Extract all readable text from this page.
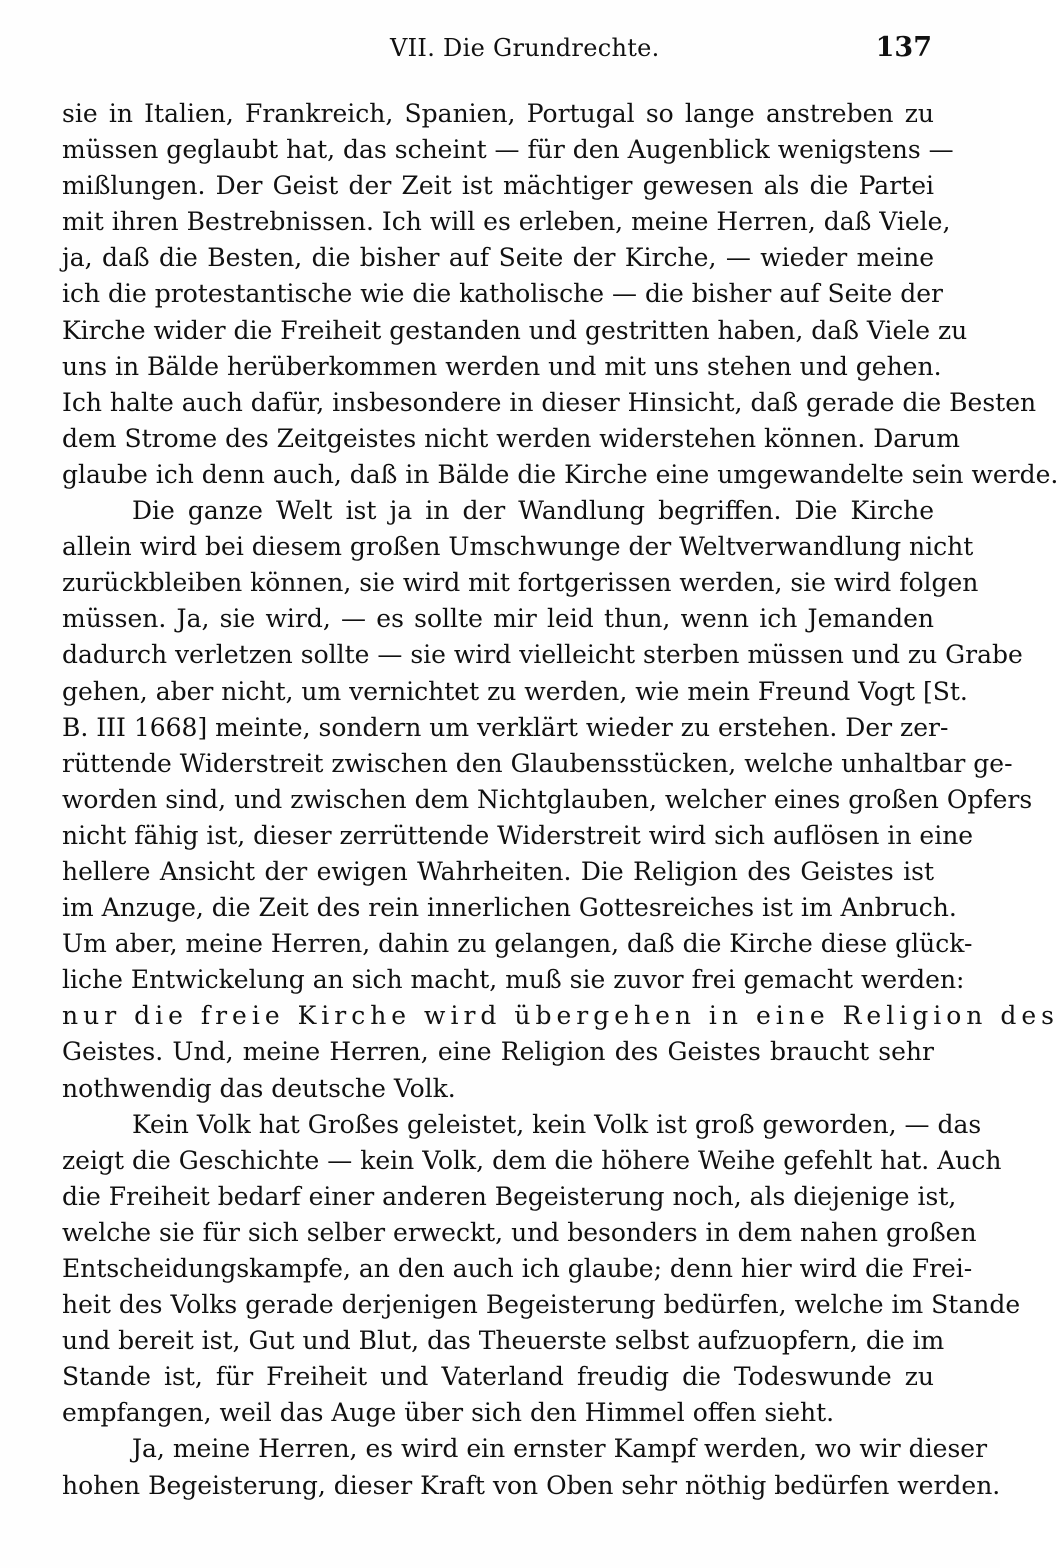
VII. Die Grundrechte.	137
sie in Italien, Frankreich, Spanien, Portugal so lange anstreben zu
müssen geglaubt hat, das scheint — für den Augenblick wenigstens —
mißlungen. Der Geist der Zeit ist mächtiger gewesen als die Partei
mit ihren Bestrebnissen. Ich will es erleben, meine Herren, daß Viele,
ja, daß die Besten, die bisher auf Seite der Kirche, — wieder meine
ich die protestantische wie die katholische — die bisher auf Seite der
Kirche wider die Freiheit gestanden und gestritten haben, daß Viele zu
uns in Bälde herüberkommen werden und mit uns stehen und gehen.
Ich halte auch dafür, insbesondere in dieser Hinsicht, daß gerade die Besten
dem Strome des Zeitgeistes nicht werden widerstehen können. Darum
glaube ich denn auch, daß in Bälde die Kirche eine umgewandelte sein werde.
Die ganze Welt ist ja in der Wandlung begriffen. Die Kirche
allein wird bei diesem großen Umschwunge der Weltverwandlung nicht
zurückbleiben können, sie wird mit fortgerissen werden, sie wird folgen
müssen. Ja, sie wird, — es sollte mir leid thun, wenn ich Jemanden
dadurch verletzen sollte — sie wird vielleicht sterben müssen und zu Grabe
gehen, aber nicht, um vernichtet zu werden, wie mein Freund Vogt [St.
B. III 1668] meinte, sondern um verklärt wieder zu erstehen. Der zer-
rüttende Widerstreit zwischen den Glaubensstücken, welche unhaltbar ge-
worden sind, und zwischen dem Nichtglauben, welcher eines großen Opfers
nicht fähig ist, dieser zerrüttende Widerstreit wird sich auflösen in eine
hellere Ansicht der ewigen Wahrheiten. Die Religion des Geistes ist
im Anzuge, die Zeit des rein innerlichen Gottesreiches ist im Anbruch.
Um aber, meine Herren, dahin zu gelangen, daß die Kirche diese glück-
liche Entwickelung an sich macht, muß sie zuvor frei gemacht werden:
nur die freie Kirche wird übergehen in eine Religion des
Geistes. Und, meine Herren, eine Religion des Geistes braucht sehr
nothwendig das deutsche Volk.
Kein Volk hat Großes geleistet, kein Volk ist groß geworden, — das
zeigt die Geschichte — kein Volk, dem die höhere Weihe gefehlt hat. Auch
die Freiheit bedarf einer anderen Begeisterung noch, als diejenige ist,
welche sie für sich selber erweckt, und besonders in dem nahen großen
Entscheidungskampfe, an den auch ich glaube; denn hier wird die Frei-
heit des Volks gerade derjenigen Begeisterung bedürfen, welche im Stande
und bereit ist, Gut und Blut, das Theuerste selbst aufzuopfern, die im
Stande ist, für Freiheit und Vaterland freudig die Todeswunde zu
empfangen, weil das Auge über sich den Himmel offen sieht.
Ja, meine Herren, es wird ein ernster Kampf werden, wo wir dieser
hohen Begeisterung, dieser Kraft von Oben sehr nöthig bedürfen werden.
